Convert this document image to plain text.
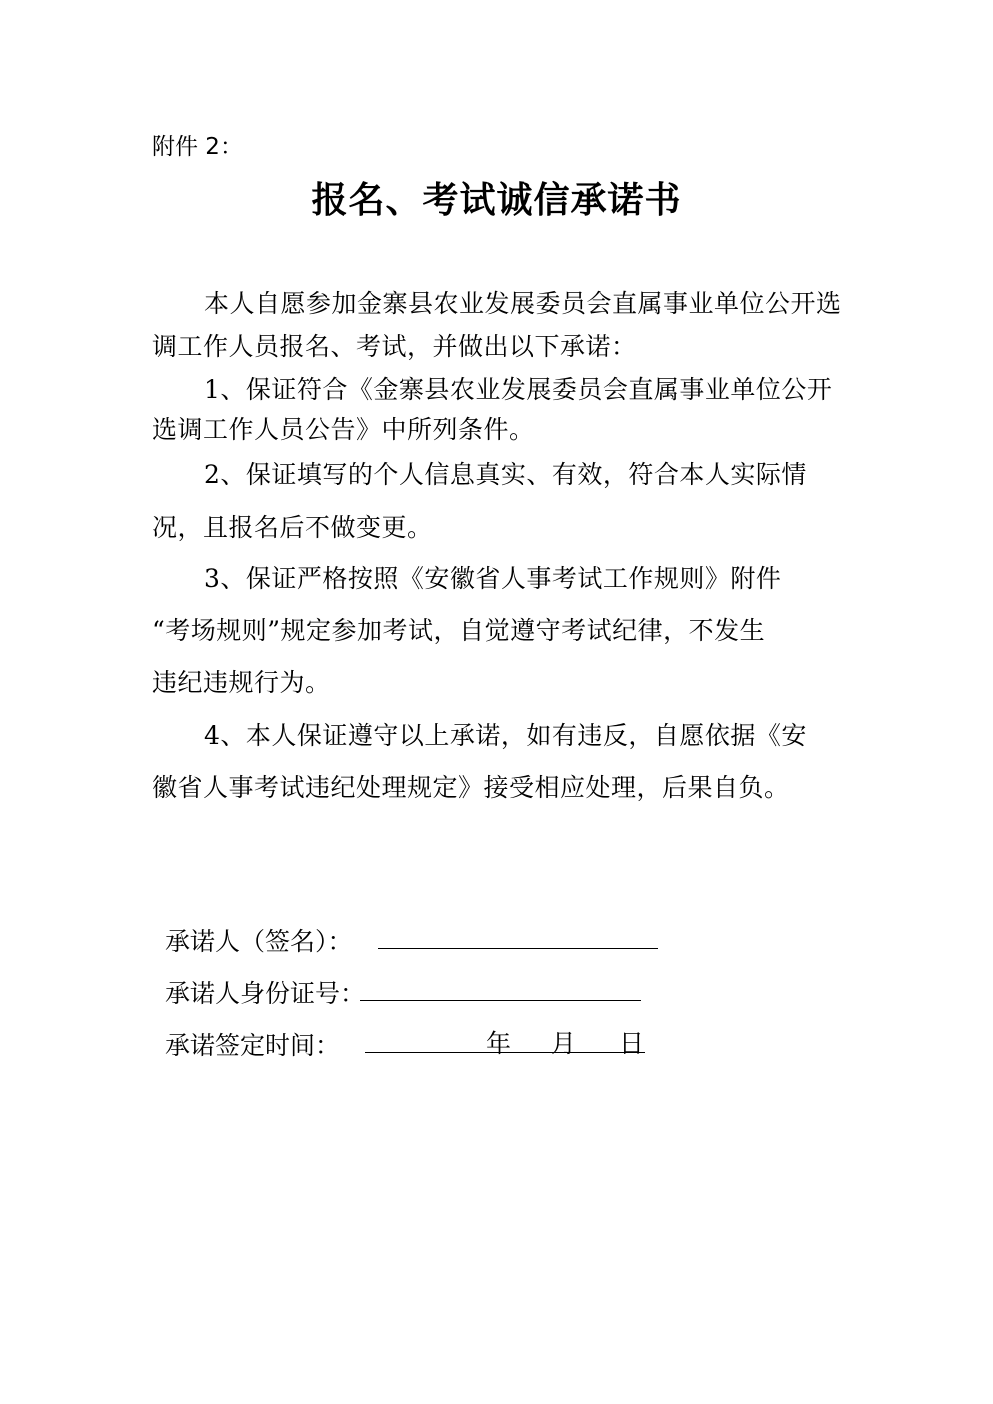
附件 2：
报名、考试诚信承诺书
本人自愿参加金寨县农业发展委员会直属事业单位公开选
调工作人员报名、考试，并做出以下承诺：
1、保证符合《金寨县农业发展委员会直属事业单位公开
选调工作人员公告》中所列条件。
2、保证填写的个人信息真实、有效，符合本人实际情
况，且报名后不做变更。
3、保证严格按照《安徽省人事考试工作规则》附件
“考场规则”规定参加考试，自觉遵守考试纪律，不发生
违纪违规行为。
4、本人保证遵守以上承诺，如有违反，自愿依据《安
徽省人事考试违纪处理规定》接受相应处理，后果自负。
承诺人（签名）：
承诺人身份证号：
承诺签定时间：	年 月 日
